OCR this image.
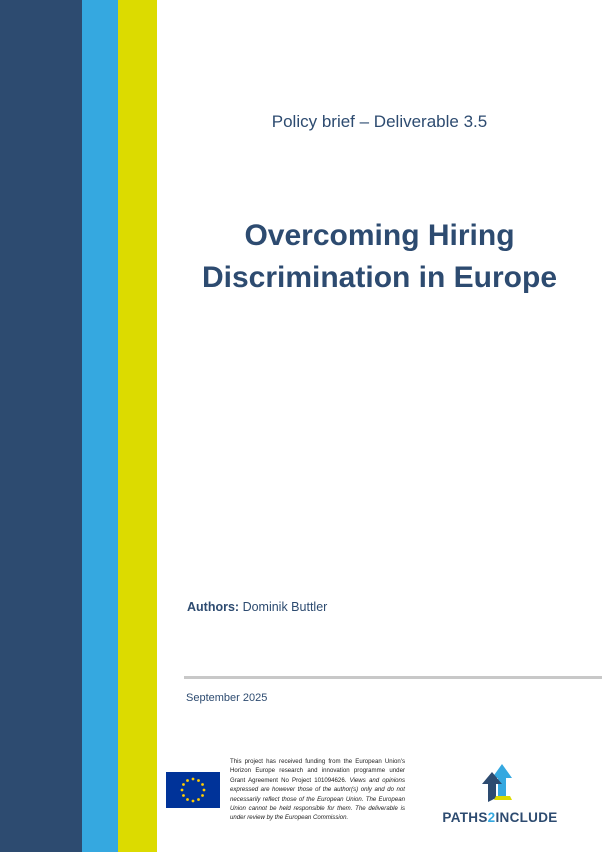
Policy brief – Deliverable 3.5
Overcoming Hiring
Discrimination in Europe
Authors: Dominik Buttler
September 2025
This project has received funding from the European Union's Horizon Europe research and innovation programme under Grant Agreement No Project 101094626. Views and opinions expressed are however those of the author(s) only and do not necessarily reflect those of the European Union. The European Union cannot be held responsible for them. The deliverable is under review by the European Commission.	PATHS2INCLUDE
